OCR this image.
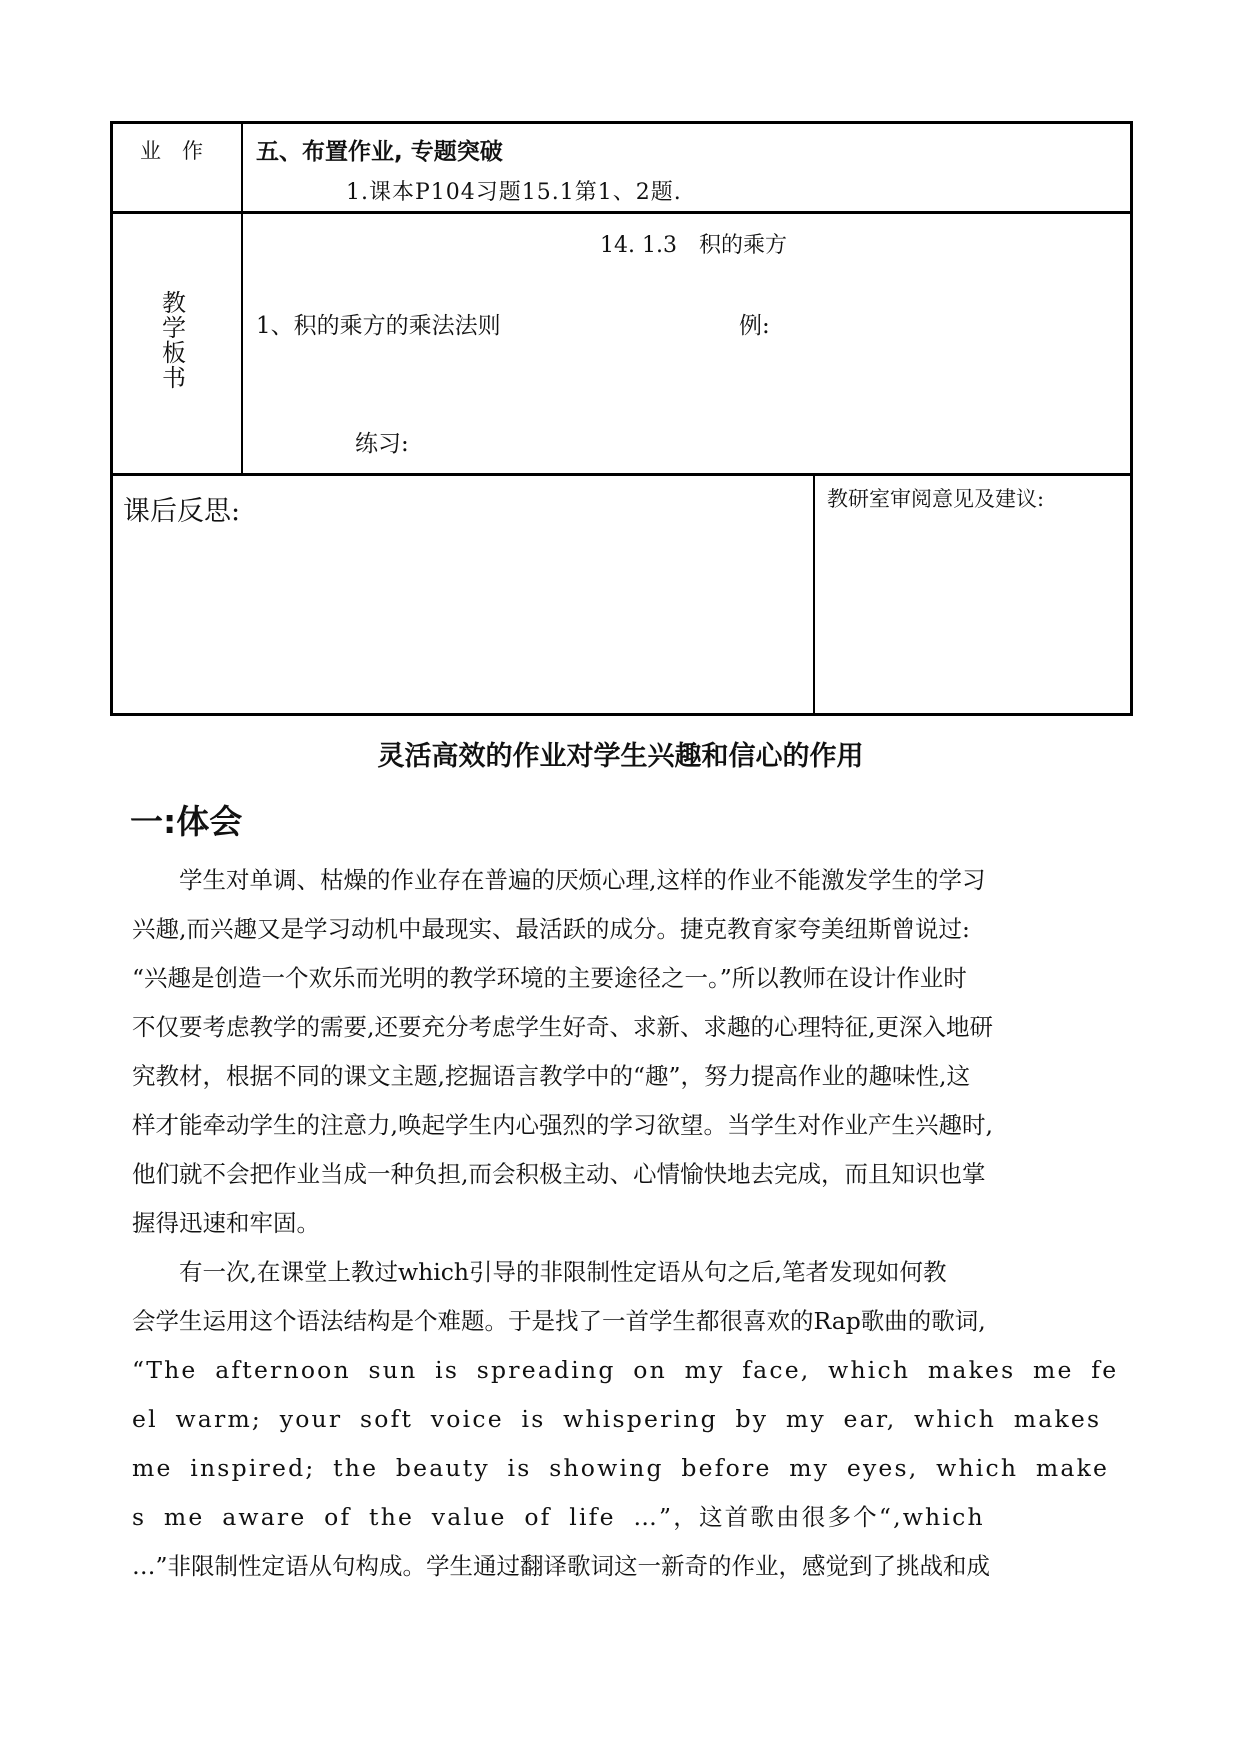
业　作 五、布置作业, 专题突破
1.课本P104习题15.1第1、2题.
教
学
板
书
14. 1.3　积的乘方
1、积的乘方的乘法法则	例:
练习:
课后反思:	教研室审阅意见及建议:
灵活高效的作业对学生兴趣和信心的作用
一:体会
　　学生对单调、枯燥的作业存在普遍的厌烦心理,这样的作业不能激发学生的学习
兴趣,而兴趣又是学习动机中最现实、最活跃的成分。捷克教育家夸美纽斯曾说过:
“兴趣是创造一个欢乐而光明的教学环境的主要途径之一。”所以教师在设计作业时
不仅要考虑教学的需要,还要充分考虑学生好奇、求新、求趣的心理特征,更深入地研
究教材，根据不同的课文主题,挖掘语言教学中的“趣”，努力提高作业的趣味性,这
样才能牵动学生的注意力,唤起学生内心强烈的学习欲望。当学生对作业产生兴趣时,
他们就不会把作业当成一种负担,而会积极主动、心情愉快地去完成，而且知识也掌
握得迅速和牢固。
　　有一次,在课堂上教过which引导的非限制性定语从句之后,笔者发现如何教
会学生运用这个语法结构是个难题。于是找了一首学生都很喜欢的Rap歌曲的歌词,
“The afternoon sun is spreading on my face, which makes me fe
el warm; your soft voice is whispering by my ear, which makes
me inspired; the beauty is showing before my eyes, which make
s me aware of the value of life …”，这首歌由很多个“,which
…”非限制性定语从句构成。学生通过翻译歌词这一新奇的作业，感觉到了挑战和成
